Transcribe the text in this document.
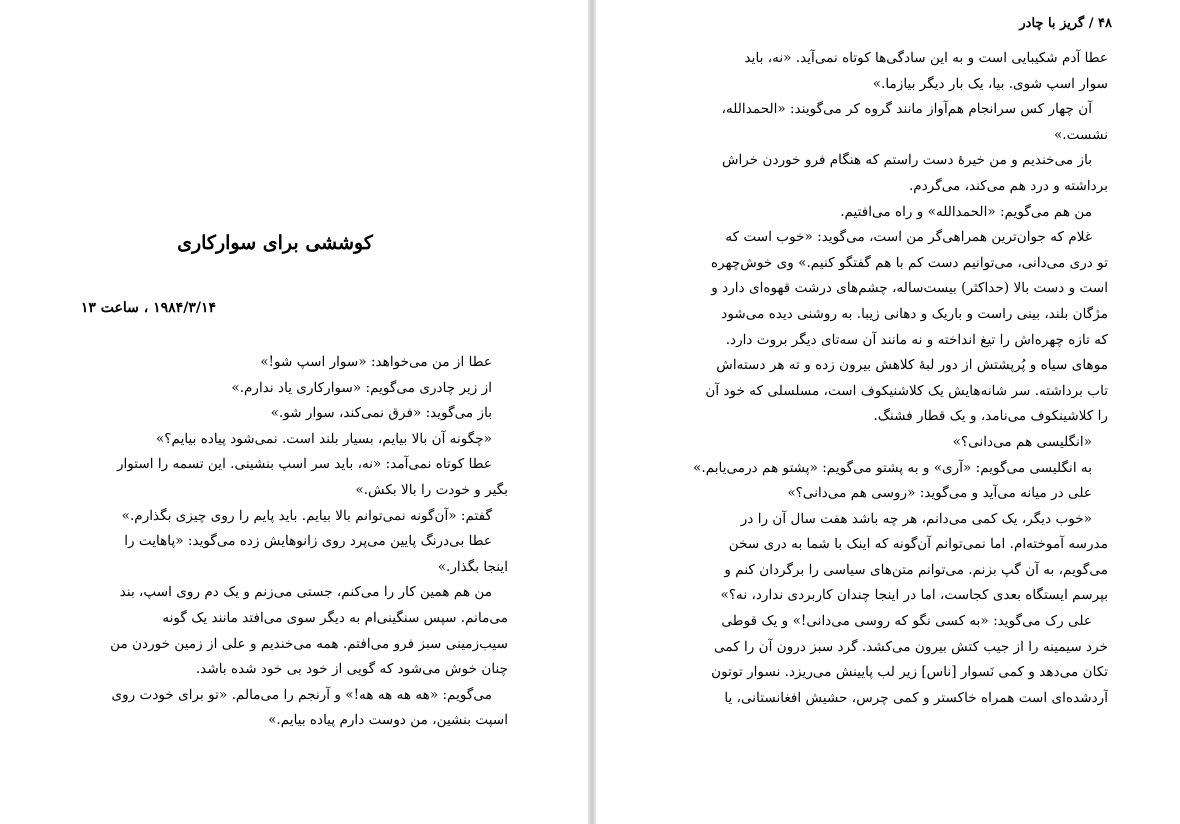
کوششی برای سوارکاری
۱۹۸۴/۳/۱۴ ، ساعت ۱۳
عطا از من می‌خواهد: «سوار اسپ شو!»
از زیر چادری می‌گویم: «سوارکاری یاد ندارم.»
باز می‌گوید: «فرق نمی‌کند، سوار شو.»
«چگونه آن بالا بیایم، بسیار بلند است. نمی‌شود پیاده بیایم؟»
عطا کوتاه نمی‌آمد: «نه، باید سر اسپ بنشینی. این تسمه را استوار
بگیر و خودت را بالا بکش.»
گفتم: «آن‌گونه نمی‌توانم بالا بیایم. باید پایم را روی چیزی بگذارم.»
عطا بی‌درنگ پایین می‌پرد روی زانوهایش زده می‌گوید: «پاهایت را
اینجا بگذار.»
من هم همین کار را می‌کنم، جستی می‌زنم و یک دم روی اسپ، بند
می‌مانم. سپس سنگینی‌ام به دیگر سوی می‌افتد مانند یک گونه
سیب‌زمینی سبز فرو می‌افتم. همه می‌خندیم و علی از زمین خوردن من
چنان خوش می‌شود که گویی از خود بی خود شده باشد.
می‌گویم: «هه هه هه هه!» و آرنجم را می‌مالم. «تو برای خودت روی
اسپت بنشین، من دوست دارم پیاده بیایم.»
۴۸ / گریز با چادر
عطا آدم شکیبایی است و به این سادگی‌ها کوتاه نمی‌آید. «نه، باید
سوار اسپ شوی. بیا، یک بار دیگر بیازما.»
آن چهار کس سرانجام هم‌آواز مانند گروه کر می‌گویند: «الحمدالله،
نشست.»
باز می‌خندیم و من خیرهٔ دست راستم که هنگام فرو خوردن خراش
برداشته و درد هم می‌کند، می‌گردم.
من هم می‌گویم: «الحمدالله» و راه می‌افتیم.
غلام که جوان‌ترین همراهی‌گر من است، می‌گوید: «خوب است که
تو دری می‌دانی، می‌توانیم دست کم با هم گفتگو کنیم.» وی خوش‌چهره
است و دست بالا (حداکثر) بیست‌ساله، چشم‌های درشت قهوه‌ای دارد و
مژگان بلند، بینی راست و باریک و دهانی زیبا. به روشنی دیده می‌شود
که تازه چهره‌اش را تیغ انداخته و نه مانند آن سه‌تای دیگر بروت دارد.
موهای سیاه و پُرپشتش از دور لبهٔ کلاهش بیرون زده و ته هر دسته‌اش
تاب برداشته. سر شانه‌هایش یک کلاشنیکوف است، مسلسلی که خود آن
را کلاشینکوف می‌نامد، و یک قطار فشنگ.
«انگلیسی هم می‌دانی؟»
به انگلیسی می‌گویم: «آری» و به پشتو می‌گویم: «پشتو هم درمی‌یابم.»
علی در میانه می‌آید و می‌گوید: «روسی هم می‌دانی؟»
«خوب دیگر، یک کمی می‌دانم، هر چه باشد هفت سال آن را در
مدرسه آموخته‌ام. اما نمی‌توانم آن‌گونه که اینک با شما به دری سخن
می‌گویم، به آن گپ بزنم. می‌توانم متن‌های سیاسی را برگردان کنم و
بپرسم ایستگاه بعدی کجاست، اما در اینجا چندان کاربردی ندارد، نه؟»
علی رک می‌گوید: «به کسی نگو که روسی می‌دانی!» و یک قوطی
خرد سیمینه را از جیب کتش بیرون می‌کشد. گرد سبز درون آن را کمی
تکان می‌دهد و کمی نَسوار [ناس] زیر لب پایینش می‌ریزد. نسوار توتون
آردشده‌ای است همراه خاکستر و کمی چرس، حشیش افغانستانی، یا
